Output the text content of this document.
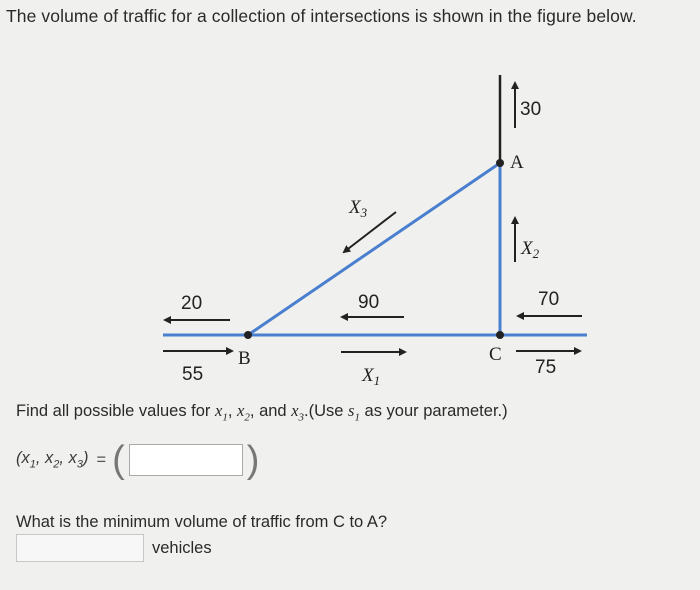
The volume of traffic for a collection of intersections is shown in the figure below.
30
20
55
90	70
75
A
B	C
$X_1$
$X_2$
$X_3$
Find all possible values for $x_1$, $x_2$, and $x_3.(Use$ $s_1$ as your parameter.)
($x_1$, $x_2$, $x_3$) = (	)
What is the minimum volume of traffic from C to A?
vehicles
